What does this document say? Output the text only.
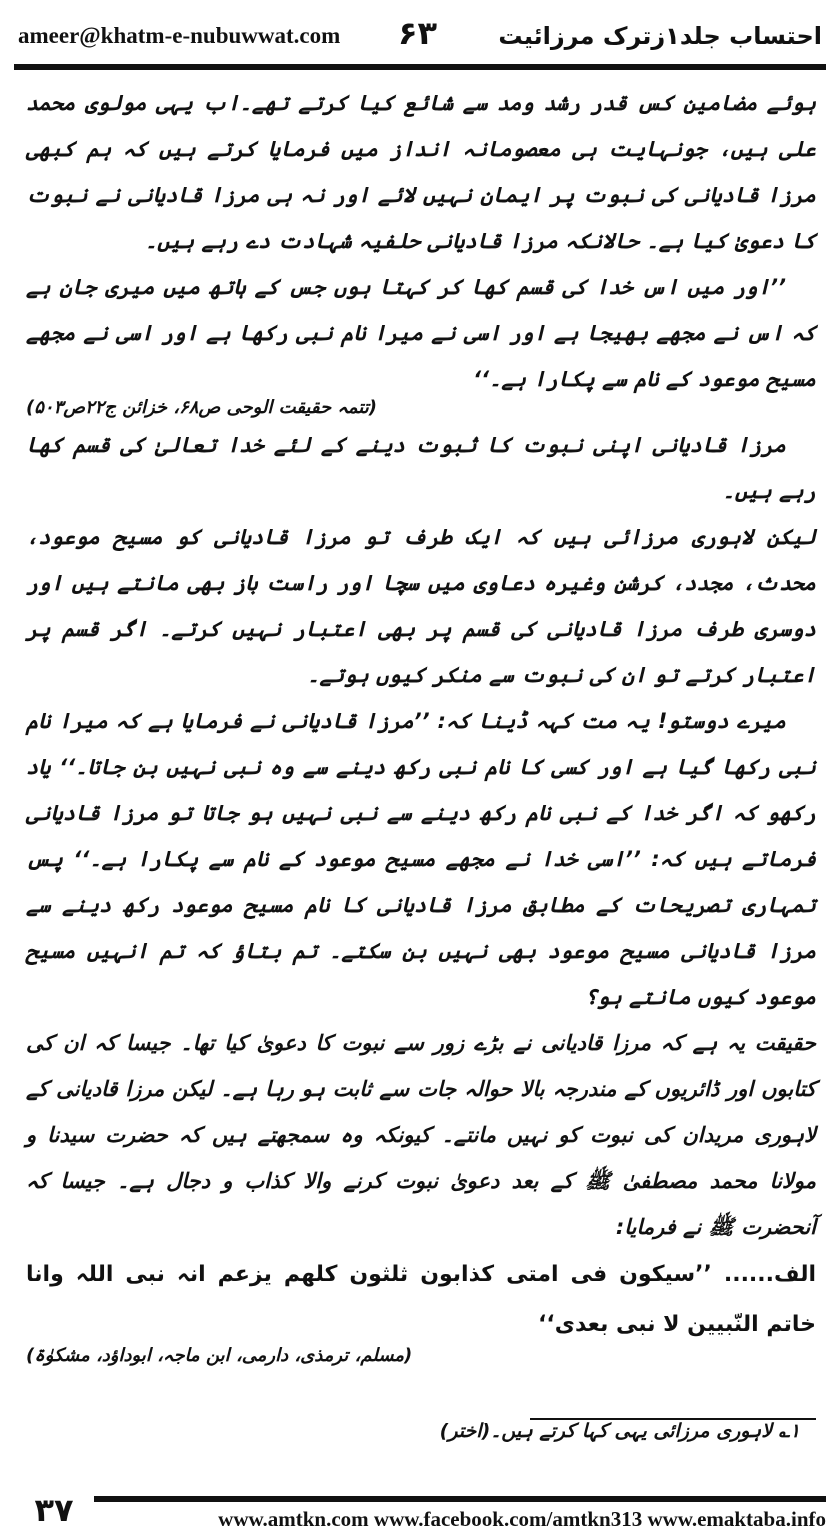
ameer@khatm-e-nubuwwat.com ۶۳	احتساب جلد۱زترک مرزائیت

ہوئے مضامین کس قدر رشد ومد سے شائع کیا کرتے تھے۔اب یہی مولوی محمد علی ہیں، جونہایت ہی معصومانہ انداز میں فرمایا کرتے ہیں کہ ہم کبھی مرزا قادیانی کی نبوت پر ایمان نہیں لائے اور نہ ہی مرزا قادیانی نے نبوت کا دعویٰ کیا ہے۔ حالانکہ مرزا قادیانی حلفیہ شہادت دے رہے ہیں۔

’’اور میں اس خدا کی قسم کھا کر کہتا ہوں جس کے ہاتھ میں میری جان ہے کہ اس نے مجھے بھیجا ہے اور اسی نے میرا نام نبی رکھا ہے اور اسی نے مجھے مسیح موعود کے نام سے پکارا ہے۔‘‘

(تتمہ حقیقت الوحی ص۶۸، خزائن ج۲۲ص۵۰۳)

مرزا قادیانی اپنی نبوت کا ثبوت دینے کے لئے خدا تعالیٰ کی قسم کھا رہے ہیں۔

لیکن لاہوری مرزائی ہیں کہ ایک طرف تو مرزا قادیانی کو مسیح موعود، محدث، مجدد، کرشن وغیرہ دعاوی میں سچا اور راست باز بھی مانتے ہیں اور دوسری طرف مرزا قادیانی کی قسم پر بھی اعتبار نہیں کرتے۔ اگر قسم پر اعتبار کرتے تو ان کی نبوت سے منکر کیوں ہوتے۔

میرے دوستو! یہ مت کہہ ڈینا کہ: ’’مرزا قادیانی نے فرمایا ہے کہ میرا نام نبی رکھا گیا ہے اور کسی کا نام نبی رکھ دینے سے وہ نبی نہیں بن جاتا۔‘‘ یاد رکھو کہ اگر خدا کے نبی نام رکھ دینے سے نبی نہیں ہو جاتا تو مرزا قادیانی فرماتے ہیں کہ: ’’اسی خدا نے مجھے مسیح موعود کے نام سے پکارا ہے۔‘‘ پس تمہاری تصریحات کے مطابق مرزا قادیانی کا نام مسیح موعود رکھ دینے سے مرزا قادیانی مسیح موعود بھی نہیں بن سکتے۔ تم بتاؤ کہ تم انہیں مسیح موعود کیوں مانتے ہو؟

حقیقت یہ ہے کہ مرزا قادیانی نے بڑے زور سے نبوت کا دعویٰ کیا تھا۔ جیسا کہ ان کی کتابوں اور ڈائریوں کے مندرجہ بالا حوالہ جات سے ثابت ہو رہا ہے۔ لیکن مرزا قادیانی کے لاہوری مریدان کی نبوت کو نہیں مانتے۔ کیونکہ وہ سمجھتے ہیں کہ حضرت سیدنا و مولانا محمد مصطفیٰ ﷺ کے بعد دعویٰ نبوت کرنے والا کذاب و دجال ہے۔ جیسا کہ آنحضرت ﷺ نے فرمایا:

الف...... ’’سیکون فی امتی کذابون ثلثون کلھم یزعم انہ نبی اللہ وانا خاتم النّبیین لا نبی بعدی‘‘

(مسلم، ترمذی، دارمی، ابن ماجہ، ابوداؤد، مشکوٰۃ)
۱؎ لاہوری مرزائی یہی کہا کرتے ہیں۔(اختر)
۳۷	www.amtkn.com www.facebook.com/amtkn313 www.emaktaba.info
